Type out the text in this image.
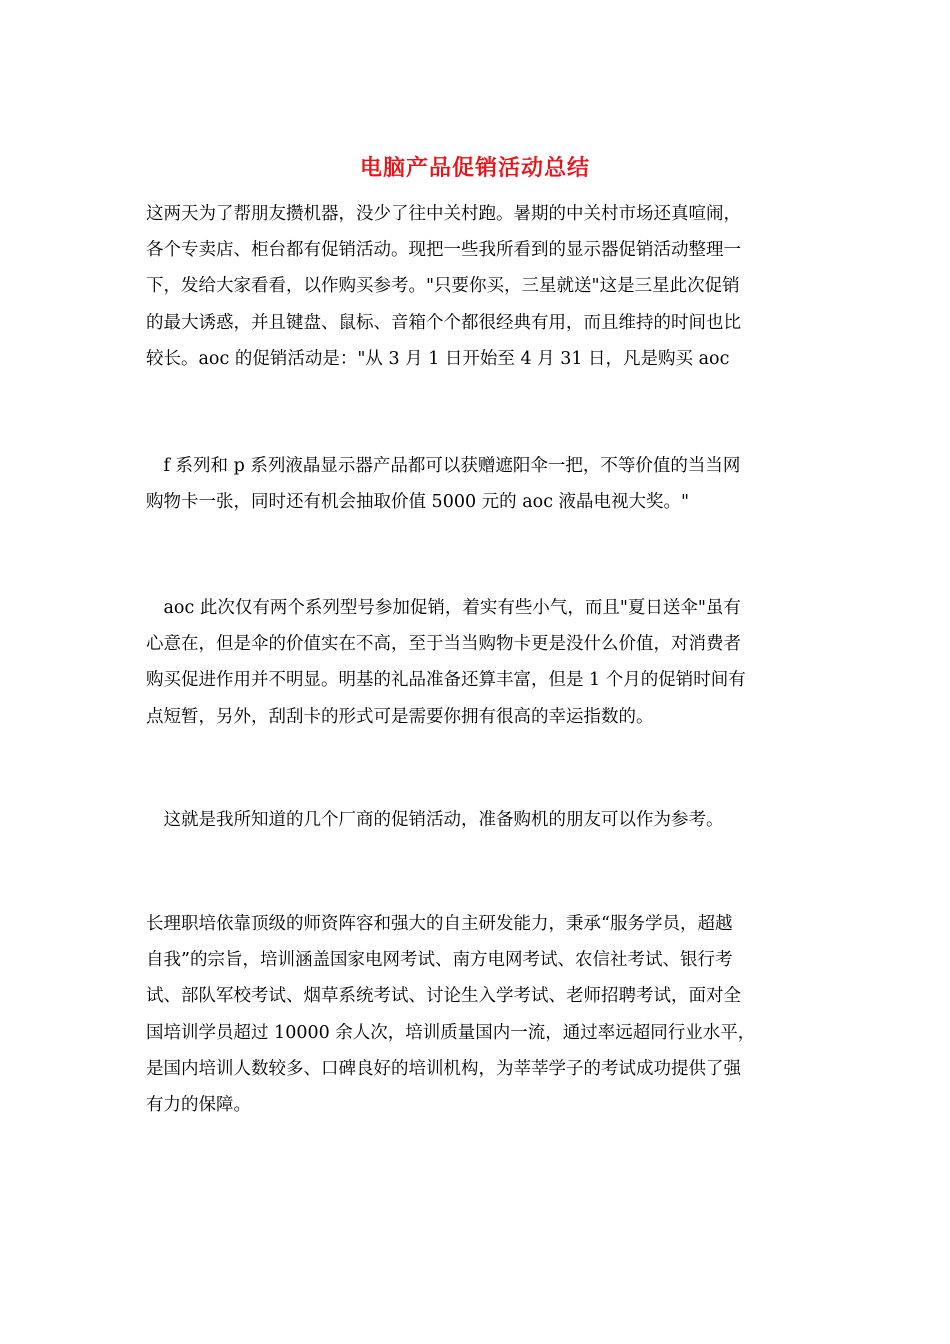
电脑产品促销活动总结

这两天为了帮朋友攒机器，没少了往中关村跑。暑期的中关村市场还真喧闹，
各个专卖店、柜台都有促销活动。现把一些我所看到的显示器促销活动整理一
下，发给大家看看，以作购买参考。"只要你买，三星就送"这是三星此次促销
的最大诱惑，并且键盘、鼠标、音箱个个都很经典有用，而且维持的时间也比
较长。aoc 的促销活动是："从 3 月 1 日开始至 4 月 31 日，凡是购买 aoc

　f 系列和 p 系列液晶显示器产品都可以获赠遮阳伞一把，不等价值的当当网
购物卡一张，同时还有机会抽取价值 5000 元的 aoc 液晶电视大奖。"

　aoc 此次仅有两个系列型号参加促销，着实有些小气，而且"夏日送伞"虽有
心意在，但是伞的价值实在不高，至于当当购物卡更是没什么价值，对消费者
购买促进作用并不明显。明基的礼品准备还算丰富，但是 1 个月的促销时间有
点短暂，另外，刮刮卡的形式可是需要你拥有很高的幸运指数的。

　这就是我所知道的几个厂商的促销活动，准备购机的朋友可以作为参考。

长理职培依靠顶级的师资阵容和强大的自主研发能力，秉承“服务学员，超越
自我”的宗旨，培训涵盖国家电网考试、南方电网考试、农信社考试、银行考
试、部队军校考试、烟草系统考试、讨论生入学考试、老师招聘考试，面对全
国培训学员超过 10000 余人次，培训质量国内一流，通过率远超同行业水平，
是国内培训人数较多、口碑良好的培训机构，为莘莘学子的考试成功提供了强
有力的保障。
